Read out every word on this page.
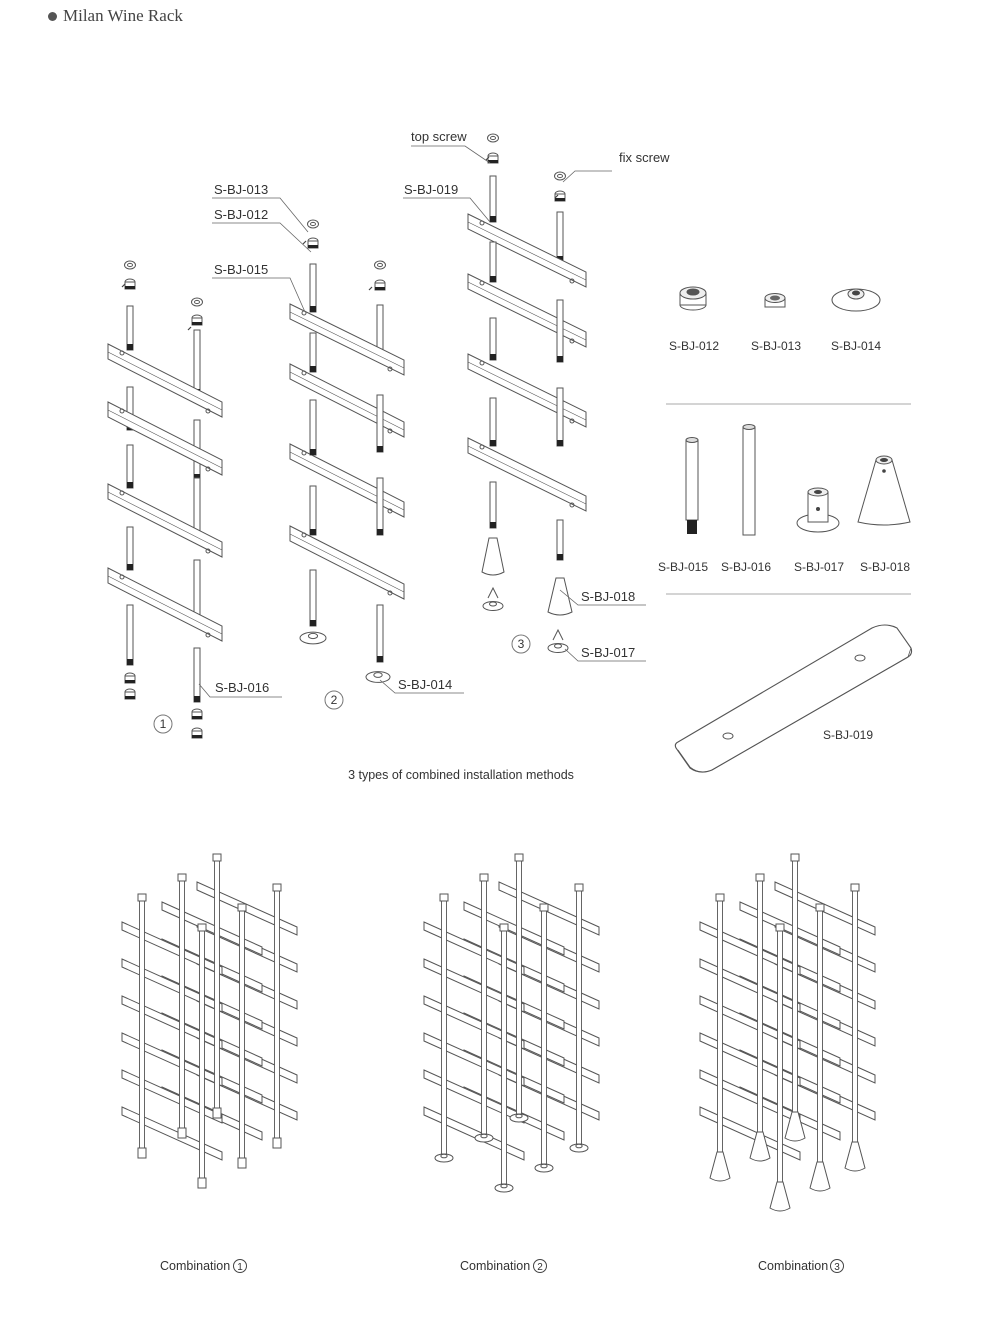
Milan Wine Rack
top screw
fix screw
S-BJ-013
S-BJ-012
S-BJ-015
S-BJ-019
S-BJ-016	S-BJ-014
S-BJ-018
S-BJ-017
1
2
3
S-BJ-012	S-BJ-013 S-BJ-014
S-BJ-015 S-BJ-016 S-BJ-017 S-BJ-018
S-BJ-019
3 types of combined installation methods
Combination 1	Combination 2	Combination 3
